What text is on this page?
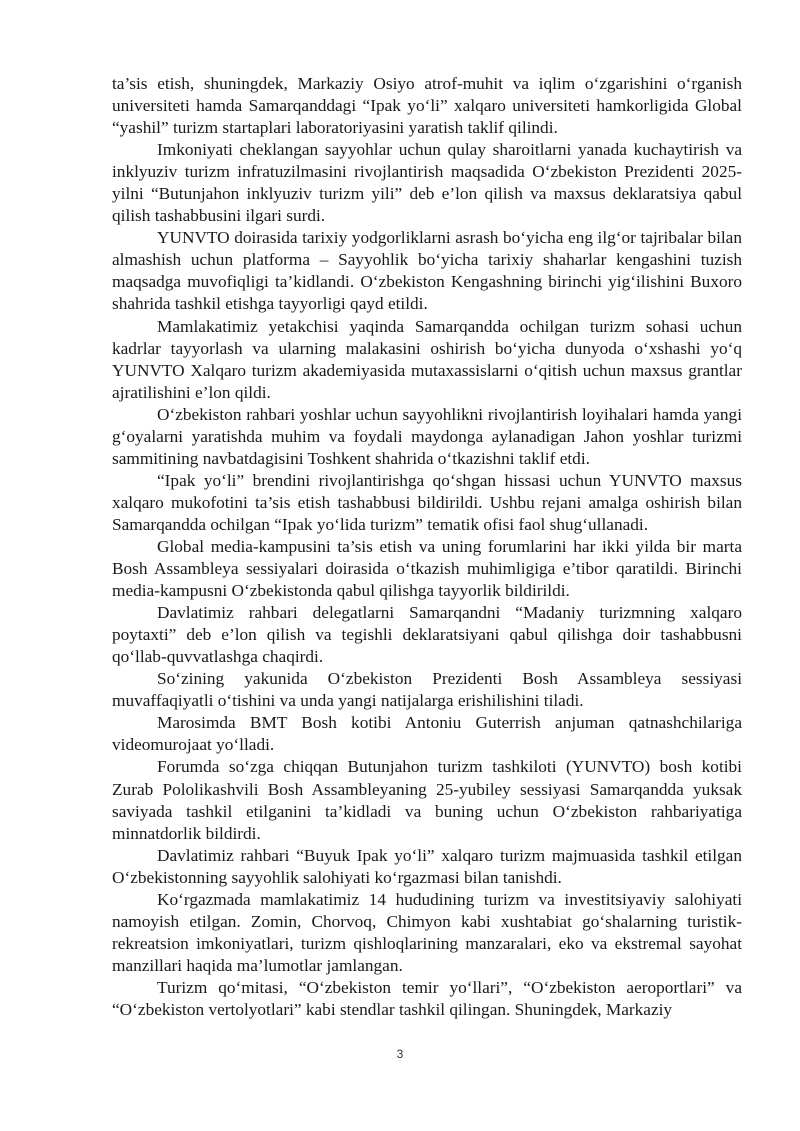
ta’sis etish, shuningdek, Markaziy Osiyo atrof-muhit va iqlim o‘zgarishini o‘rganish universiteti hamda Samarqanddagi “Ipak yo‘li” xalqaro universiteti hamkorligida Global “yashil” turizm startaplari laboratoriyasini yaratish taklif qilindi.

Imkoniyati cheklangan sayyohlar uchun qulay sharoitlarni yanada kuchaytirish va inklyuziv turizm infratuzilmasini rivojlantirish maqsadida O‘zbekiston Prezidenti 2025-yilni “Butunjahon inklyuziv turizm yili” deb e’lon qilish va maxsus deklaratsiya qabul qilish tashabbusini ilgari surdi.

YUNVTO doirasida tarixiy yodgorliklarni asrash bo‘yicha eng ilg‘or tajribalar bilan almashish uchun platforma – Sayyohlik bo‘yicha tarixiy shaharlar kengashini tuzish maqsadga muvofiqligi ta’kidlandi. O‘zbekiston Kengashning birinchi yig‘ilishini Buxoro shahrida tashkil etishga tayyorligi qayd etildi.

Mamlakatimiz yetakchisi yaqinda Samarqandda ochilgan turizm sohasi uchun kadrlar tayyorlash va ularning malakasini oshirish bo‘yicha dunyoda o‘xshashi yo‘q YUNVTO Xalqaro turizm akademiyasida mutaxassislarni o‘qitish uchun maxsus grantlar ajratilishini e’lon qildi.

O‘zbekiston rahbari yoshlar uchun sayyohlikni rivojlantirish loyihalari hamda yangi g‘oyalarni yaratishda muhim va foydali maydonga aylanadigan Jahon yoshlar turizmi sammitining navbatdagisini Toshkent shahrida o‘tkazishni taklif etdi.

“Ipak yo‘li” brendini rivojlantirishga qo‘shgan hissasi uchun YUNVTO maxsus xalqaro mukofotini ta’sis etish tashabbusi bildirildi. Ushbu rejani amalga oshirish bilan Samarqandda ochilgan “Ipak yo‘lida turizm” tematik ofisi faol shug‘ullanadi.

Global media-kampusini ta’sis etish va uning forumlarini har ikki yilda bir marta Bosh Assambleya sessiyalari doirasida o‘tkazish muhimligiga e’tibor qaratildi. Birinchi media-kampusni O‘zbekistonda qabul qilishga tayyorlik bildirildi.

Davlatimiz rahbari delegatlarni Samarqandni “Madaniy turizmning xalqaro poytaxti” deb e’lon qilish va tegishli deklaratsiyani qabul qilishga doir tashabbusni qo‘llab-quvvatlashga chaqirdi.

So‘zining yakunida O‘zbekiston Prezidenti Bosh Assambleya sessiyasi muvaffaqiyatli o‘tishini va unda yangi natijalarga erishilishini tiladi.

Marosimda BMT Bosh kotibi Antoniu Guterrish anjuman qatnashchilariga videomurojaat yo‘lladi.

Forumda so‘zga chiqqan Butunjahon turizm tashkiloti (YUNVTO) bosh kotibi Zurab Pololikashvili Bosh Assambleyaning 25-yubiley sessiyasi Samarqandda yuksak saviyada tashkil etilganini ta’kidladi va buning uchun O‘zbekiston rahbariyatiga minnatdorlik bildirdi.

Davlatimiz rahbari “Buyuk Ipak yo‘li” xalqaro turizm majmuasida tashkil etilgan O‘zbekistonning sayyohlik salohiyati ko‘rgazmasi bilan tanishdi.

Ko‘rgazmada mamlakatimiz 14 hududining turizm va investitsiyaviy salohiyati namoyish etilgan. Zomin, Chorvoq, Chimyon kabi xushtabiat go‘shalarning turistik-rekreatsion imkoniyatlari, turizm qishloqlarining manzaralari, eko va ekstremal sayohat manzillari haqida ma’lumotlar jamlangan.

Turizm qo‘mitasi, “O‘zbekiston temir yo‘llari”, “O‘zbekiston aeroportlari” va “O‘zbekiston vertolyotlari” kabi stendlar tashkil qilingan. Shuningdek, Markaziy

3
